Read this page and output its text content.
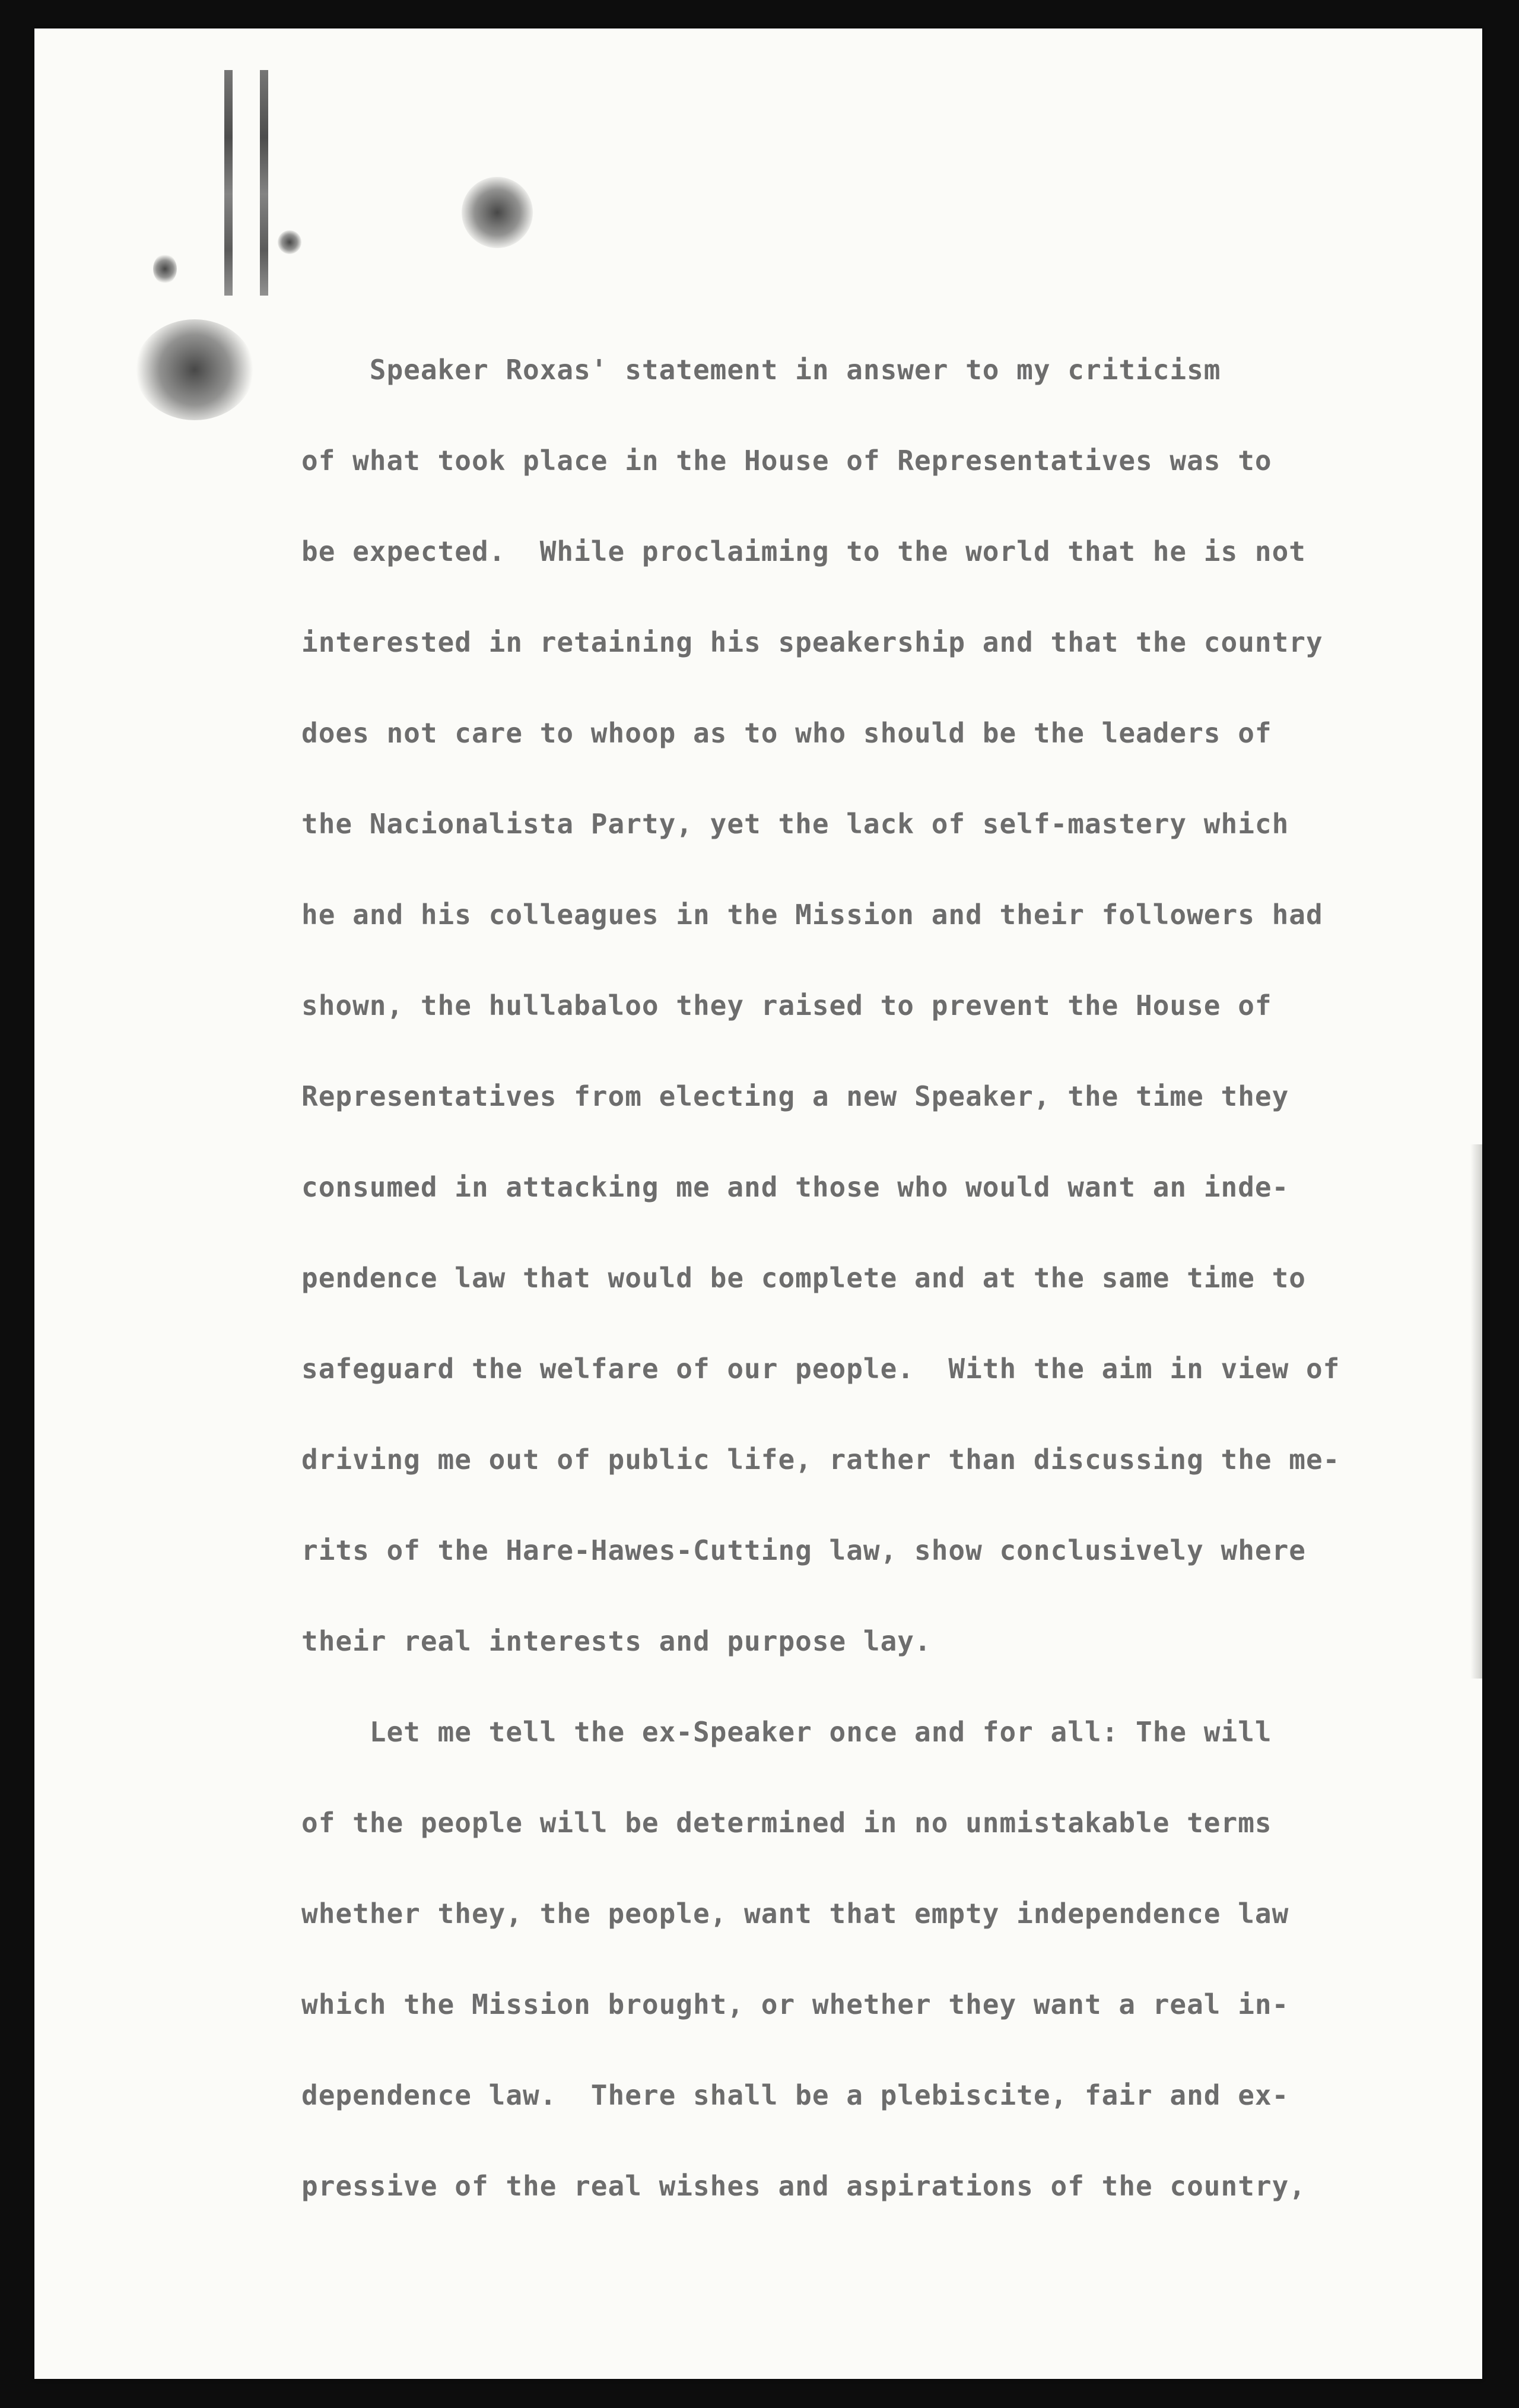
Speaker Roxas' statement in answer to my criticism
of what took place in the House of Representatives was to
be expected.  While proclaiming to the world that he is not
interested in retaining his speakership and that the country
does not care to whoop as to who should be the leaders of
the Nacionalista Party, yet the lack of self-mastery which
he and his colleagues in the Mission and their followers had
shown, the hullabaloo they raised to prevent the House of
Representatives from electing a new Speaker, the time they
consumed in attacking me and those who would want an inde-
pendence law that would be complete and at the same time to
safeguard the welfare of our people.  With the aim in view of
driving me out of public life, rather than discussing the me-
rits of the Hare-Hawes-Cutting law, show conclusively where
their real interests and purpose lay.
Let me tell the ex-Speaker once and for all: The will
of the people will be determined in no unmistakable terms
whether they, the people, want that empty independence law
which the Mission brought, or whether they want a real in-
dependence law.  There shall be a plebiscite, fair and ex-
pressive of the real wishes and aspirations of the country,
